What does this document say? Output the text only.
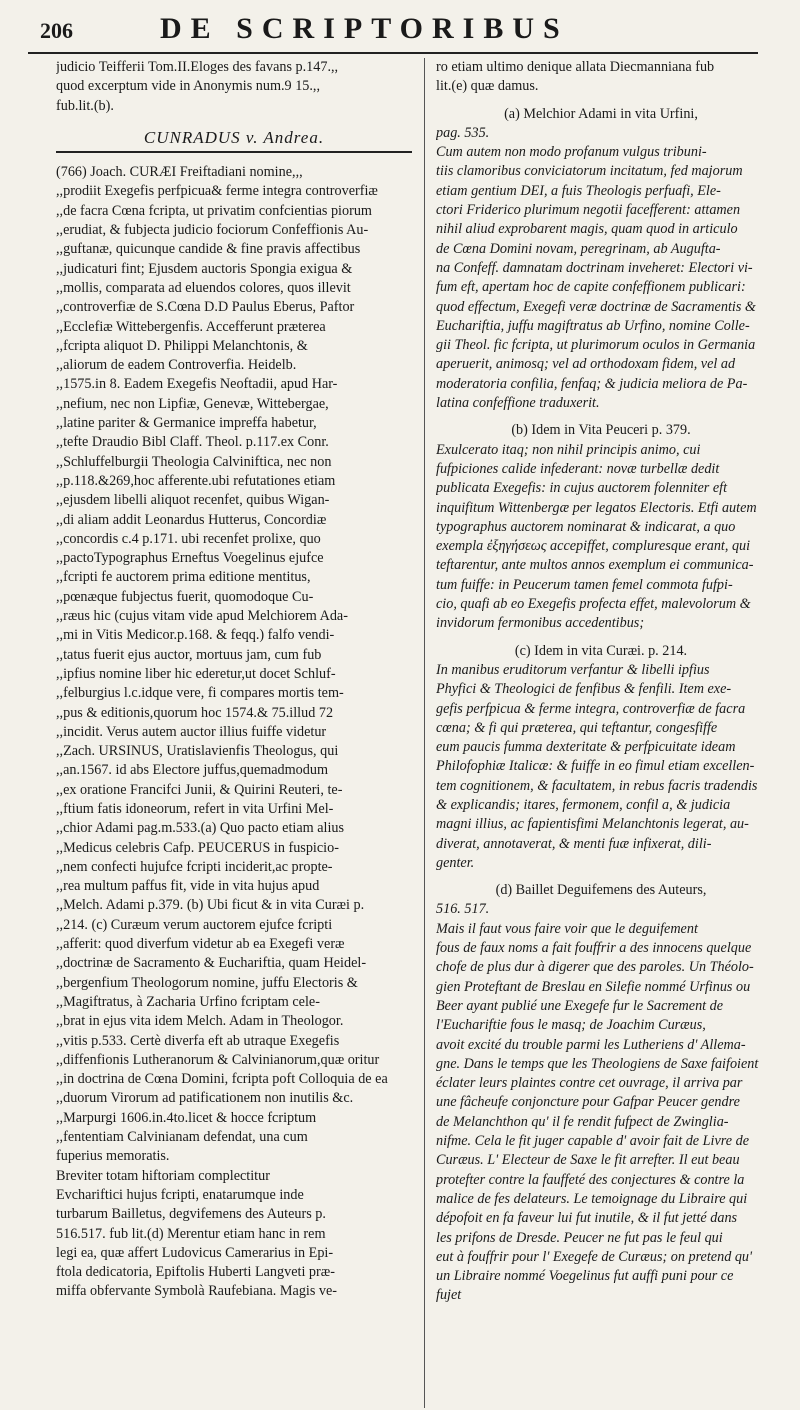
206	DE SCRIPTORIBUS
judicio Teifferii Tom.II.Eloges des favans p.147.,,
quod excerptum vide in Anonymis num.9 15.,,
fub.lit.(b).
CUNRADUS v. Andrea.
(766) Joach. CURÆI Freiftadiani nomine,,,
,,prodiit Exegefis perfpicua& ferme integra controverfiæ
,,de facra Cœna fcripta, ut privatim confcientias piorum
,,erudiat, & fubjecta judicio fociorum Confeffionis Au-
,,guftanæ, quicunque candide & fine pravis affectibus
,,judicaturi fint; Ejusdem auctoris Spongia exigua &
,,mollis, comparata ad eluendos colores, quos illevit
,,controverfiæ de S.Cœna D.D Paulus Eberus, Paftor
,,Ecclefiæ Wittebergenfis. Accefferunt præterea
,,fcripta aliquot D. Philippi Melanchtonis, &
,,aliorum de eadem Controverfia. Heidelb.
,,1575.in 8. Eadem Exegefis Neoftadii, apud Har-
,,nefium, nec non Lipfiæ, Genevæ, Wittebergae,
,,latine pariter & Germanice impreffa habetur,
,,tefte Draudio Bibl Claff. Theol. p.117.ex Conr.
,,Schluffelburgii Theologia Calviniftica, nec non
,,p.118.&269,hoc afferente.ubi refutationes etiam
,,ejusdem libelli aliquot recenfet, quibus Wigan-
,,di aliam addit Leonardus Hutterus, Concordiæ
,,concordis c.4 p.171. ubi recenfet prolixe, quo
,,pactoTypographus Erneftus Voegelinus ejufce
,,fcripti fe auctorem prima editione mentitus,
,,pœnæque fubjectus fuerit, quomodoque Cu-
,,ræus hic (cujus vitam vide apud Melchiorem Ada-
,,mi in Vitis Medicor.p.168. & feqq.) falfo vendi-
,,tatus fuerit ejus auctor, mortuus jam, cum fub
,,ipfius nomine liber hic ederetur,ut docet Schluf-
,,felburgius l.c.idque vere, fi compares mortis tem-
,,pus & editionis,quorum hoc 1574.& 75.illud 72
,,incidit. Verus autem auctor illius fuiffe videtur
,,Zach. URSINUS, Uratislavienfis Theologus, qui
,,an.1567. id abs Electore juffus,quemadmodum
,,ex oratione Francifci Junii, & Quirini Reuteri, te-
,,ftium fatis idoneorum, refert in vita Urfini Mel-
,,chior Adami pag.m.533.(a) Quo pacto etiam alius
,,Medicus celebris Cafp. PEUCERUS in fuspicio-
,,nem confecti hujufce fcripti inciderit,ac propte-
,,rea multum paffus fit, vide in vita hujus apud
,,Melch. Adami p.379. (b) Ubi ficut & in vita Curæi p.
,,214. (c) Curæum verum auctorem ejufce fcripti
,,afferit: quod diverfum videtur ab ea Exegefi veræ
,,doctrinæ de Sacramento & Euchariftia, quam Heidel-
,,bergenfium Theologorum nomine, juffu Electoris &
,,Magiftratus, à Zacharia Urfino fcriptam cele-
,,brat in ejus vita idem Melch. Adam in Theologor.
,,vitis p.533. Certè diverfa eft ab utraque Exegefis
,,diffenfionis Lutheranorum & Calvinianorum,quæ oritur
,,in doctrina de Cœna Domini, fcripta poft Colloquia de ea
,,duorum Virorum ad patificationem non inutilis &c.
,,Marpurgi 1606.in.4to.licet & hocce fcriptum
,,fententiam Calvinianam defendat, una cum
fuperius memoratis.
Breviter totam hiftoriam complectitur
Evchariftici hujus fcripti, enatarumque inde
turbarum Bailletus, degvifemens des Auteurs p.
516.517. fub lit.(d) Merentur etiam hanc in rem
legi ea, quæ affert Ludovicus Camerarius in Epi-
ftola dedicatoria, Epiftolis Huberti Langveti præ-
miffa obfervante Symbolà Raufebiana. Magis ve-
ro etiam ultimo denique allata Diecmanniana fub
lit.(e) quæ damus.
(a) Melchior Adami in vita Urfini,
pag. 535.
Cum autem non modo profanum vulgus tribuni-
tiis clamoribus conviciatorum incitatum, fed majorum
etiam gentium DEI, a fuis Theologis perfuafi, Ele-
ctori Friderico plurimum negotii facefferent: attamen
nihil aliud exprobarent magis, quam quod in articulo
de Cœna Domini novam, peregrinam, ab Augufta-
na Confeff. damnatam doctrinam inveheret: Electori vi-
fum eft, apertam hoc de capite confeffionem publicari:
quod effectum, Exegefi veræ doctrinæ de Sacramentis &
Euchariftia, juffu magiftratus ab Urfino, nomine Colle-
gii Theol. fic fcripta, ut plurimorum oculos in Germania
aperuerit, animosq; vel ad orthodoxam fidem, vel ad
moderatoria confilia, fenfaq; & judicia meliora de Pa-
latina confeffione traduxerit.
(b) Idem in Vita Peuceri p. 379.
Exulcerato itaq; non nihil principis animo, cui
fufpiciones calide infederant: novæ turbellæ dedit
publicata Exegefis: in cujus auctorem folenniter eft
inquifitum Wittenbergæ per legatos Electoris. Etfi autem
typographus auctorem nominarat & indicarat, a quo
exempla ἐξηγήσεως accepiffet, compluresque erant, qui
teftarentur, ante multos annos exemplum ei communica-
tum fuiffe: in Peucerum tamen femel commota fufpi-
cio, quafi ab eo Exegefis profecta effet, malevolorum &
invidorum fermonibus accedentibus;
(c) Idem in vita Curæi. p. 214.
In manibus eruditorum verfantur & libelli ipfius
Phyfici & Theologici de fenfibus & fenfili. Item exe-
gefis perfpicua & ferme integra, controverfiæ de facra
cœna; & fi qui præterea, qui teftantur, congesfiffe
eum paucis fumma dexteritate & perfpicuitate ideam
Philofophiæ Italicæ: & fuiffe in eo fimul etiam excellen-
tem cognitionem, & facultatem, in rebus facris tradendis
& explicandis; itares, fermonem, confil a, & judicia
magni illius, ac fapientisfimi Melanchtonis legerat, au-
diverat, annotaverat, & menti fuæ infixerat, dili-
genter.
(d) Baillet Deguifemens des Auteurs,
516. 517.
Mais il faut vous faire voir que le deguifement
fous de faux noms a fait fouffrir a des innocens quelque
chofe de plus dur à digerer que des paroles. Un Théolo-
gien Proteftant de Breslau en Silefie nommé Urfinus ou
Beer ayant publié une Exegefe fur le Sacrement de
l'Euchariftie fous le masq; de Joachim Curæus,
avoit excité du trouble parmi les Lutheriens d' Allema-
gne. Dans le temps que les Theologiens de Saxe faifoient
éclater leurs plaintes contre cet ouvrage, il arriva par
une fâcheufe conjoncture pour Gafpar Peucer gendre
de Melanchthon qu' il fe rendit fufpect de Zwinglia-
nifme. Cela le fit juger capable d' avoir fait de Livre de
Curæus. L' Electeur de Saxe le fit arrefter. Il eut beau
protefter contre la fauffeté des conjectures & contre la
malice de fes delateurs. Le temoignage du Libraire qui
dépofoit en fa faveur lui fut inutile, & il fut jetté dans
les prifons de Dresde. Peucer ne fut pas le feul qui
eut à fouffrir pour l' Exegefe de Curæus; on pretend qu'
un Libraire nommé Voegelinus fut auffi puni pour ce
fujet
